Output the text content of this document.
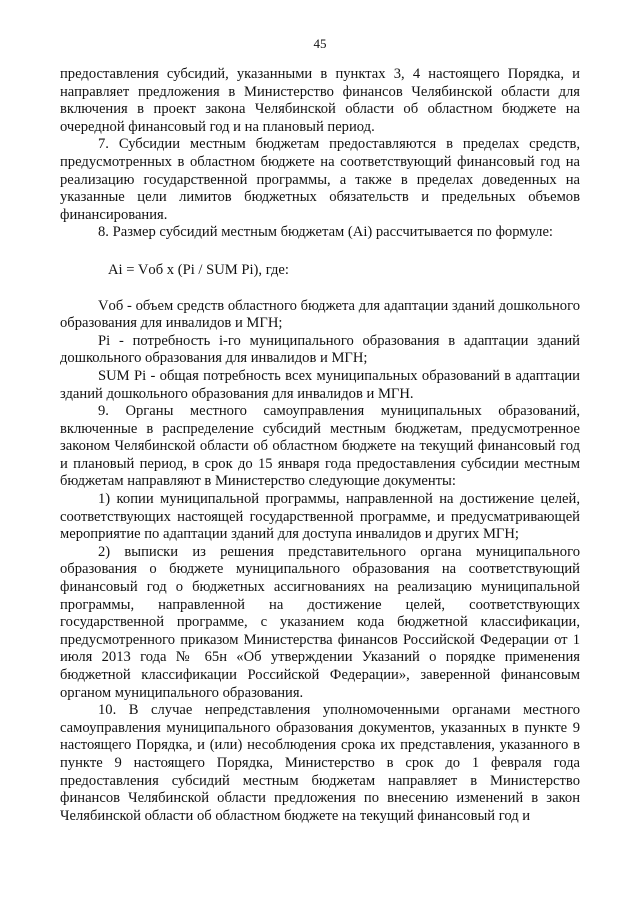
45

предоставления субсидий, указанными в пунктах 3, 4 настоящего Порядка, и направляет предложения в Министерство финансов Челябинской области для включения в проект закона Челябинской области об областном бюджете на очередной финансовый год и на плановый период.

7. Субсидии местным бюджетам предоставляются в пределах средств, предусмотренных в областном бюджете на соответствующий финансовый год на реализацию государственной программы, а также в пределах доведенных на указанные цели лимитов бюджетных обязательств и предельных объемов финансирования.

8. Размер субсидий местным бюджетам (Ai) рассчитывается по формуле:

Ai = Vоб х (Pi / SUM Pi), где:

Vоб - объем средств областного бюджета для адаптации зданий дошкольного образования для инвалидов и МГН;

Pi - потребность i-го муниципального образования в адаптации зданий дошкольного образования для инвалидов и МГН;

SUM Pi - общая потребность всех муниципальных образований в адаптации зданий дошкольного образования для инвалидов и МГН.

9. Органы местного самоуправления муниципальных образований, включенные в распределение субсидий местным бюджетам, предусмотренное законом Челябинской области об областном бюджете на текущий финансовый год и плановый период, в срок до 15 января года предоставления субсидии местным бюджетам направляют в Министерство следующие документы:

1) копии муниципальной программы, направленной на достижение целей, соответствующих настоящей государственной программе, и предусматривающей мероприятие по адаптации зданий для доступа инвалидов и других МГН;

2) выписки из решения представительного органа муниципального образования о бюджете муниципального образования на соответствующий финансовый год о бюджетных ассигнованиях на реализацию муниципальной программы, направленной на достижение целей, соответствующих государственной программе, с указанием кода бюджетной классификации, предусмотренного приказом Министерства финансов Российской Федерации от 1 июля 2013 года № 65н «Об утверждении Указаний о порядке применения бюджетной классификации Российской Федерации», заверенной финансовым органом муниципального образования.

10. В случае непредставления уполномоченными органами местного самоуправления муниципального образования документов, указанных в пункте 9 настоящего Порядка, и (или) несоблюдения срока их представления, указанного в пункте 9 настоящего Порядка, Министерство в срок до 1 февраля года предоставления субсидий местным бюджетам направляет в Министерство финансов Челябинской области предложения по внесению изменений в закон Челябинской области об областном бюджете на текущий финансовый год и
